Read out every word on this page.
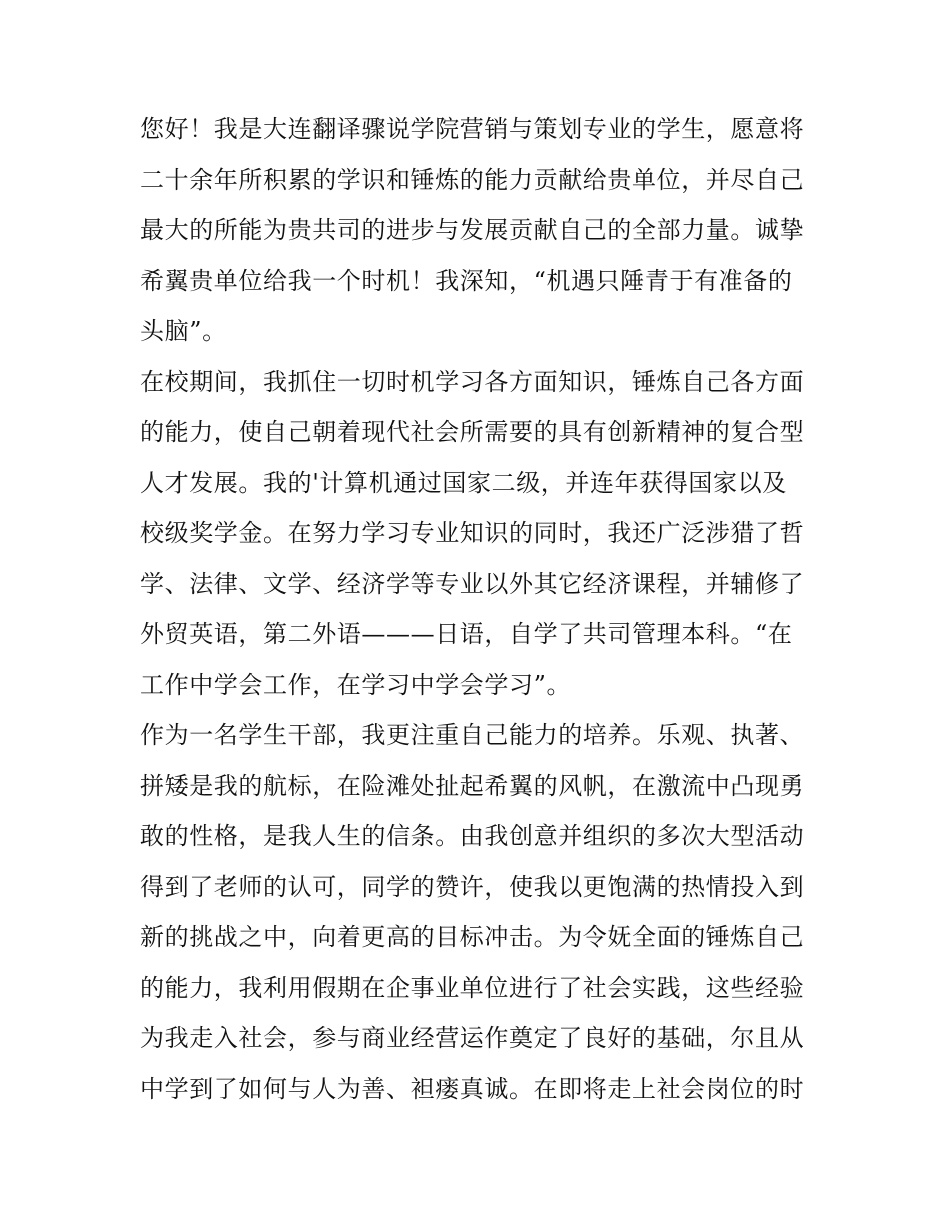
您好！我是大连翻译骤说学院营销与策划专业的学生，愿意将
二十余年所积累的学识和锤炼的能力贡献给贵单位，并尽自己
最大的所能为贵共司的进步与发展贡献自己的全部力量。诚挚
希翼贵单位给我一个时机！我深知，“机遇只陲青于有准备的
头脑”。
在校期间，我抓住一切时机学习各方面知识，锤炼自己各方面
的能力，使自己朝着现代社会所需要的具有创新精神的复合型
人才发展。我的'计算机通过国家二级，并连年获得国家以及
校级奖学金。在努力学习专业知识的同时，我还广泛涉猎了哲
学、法律、文学、经济学等专业以外其它经济课程，并辅修了
外贸英语，第二外语———日语，自学了共司管理本科。“在
工作中学会工作，在学习中学会学习”。
作为一名学生干部，我更注重自己能力的培养。乐观、执著、
拼矮是我的航标，在险滩处扯起希翼的风帆，在激流中凸现勇
敢的性格，是我人生的信条。由我创意并组织的多次大型活动
得到了老师的认可，同学的赞许，使我以更饱满的热情投入到
新的挑战之中，向着更高的目标冲击。为令妩全面的锤炼自己
的能力，我利用假期在企事业单位进行了社会实践，这些经验
为我走入社会，参与商业经营运作奠定了良好的基础，尔且从
中学到了如何与人为善、袒瘘真诚。在即将走上社会岗位的时
